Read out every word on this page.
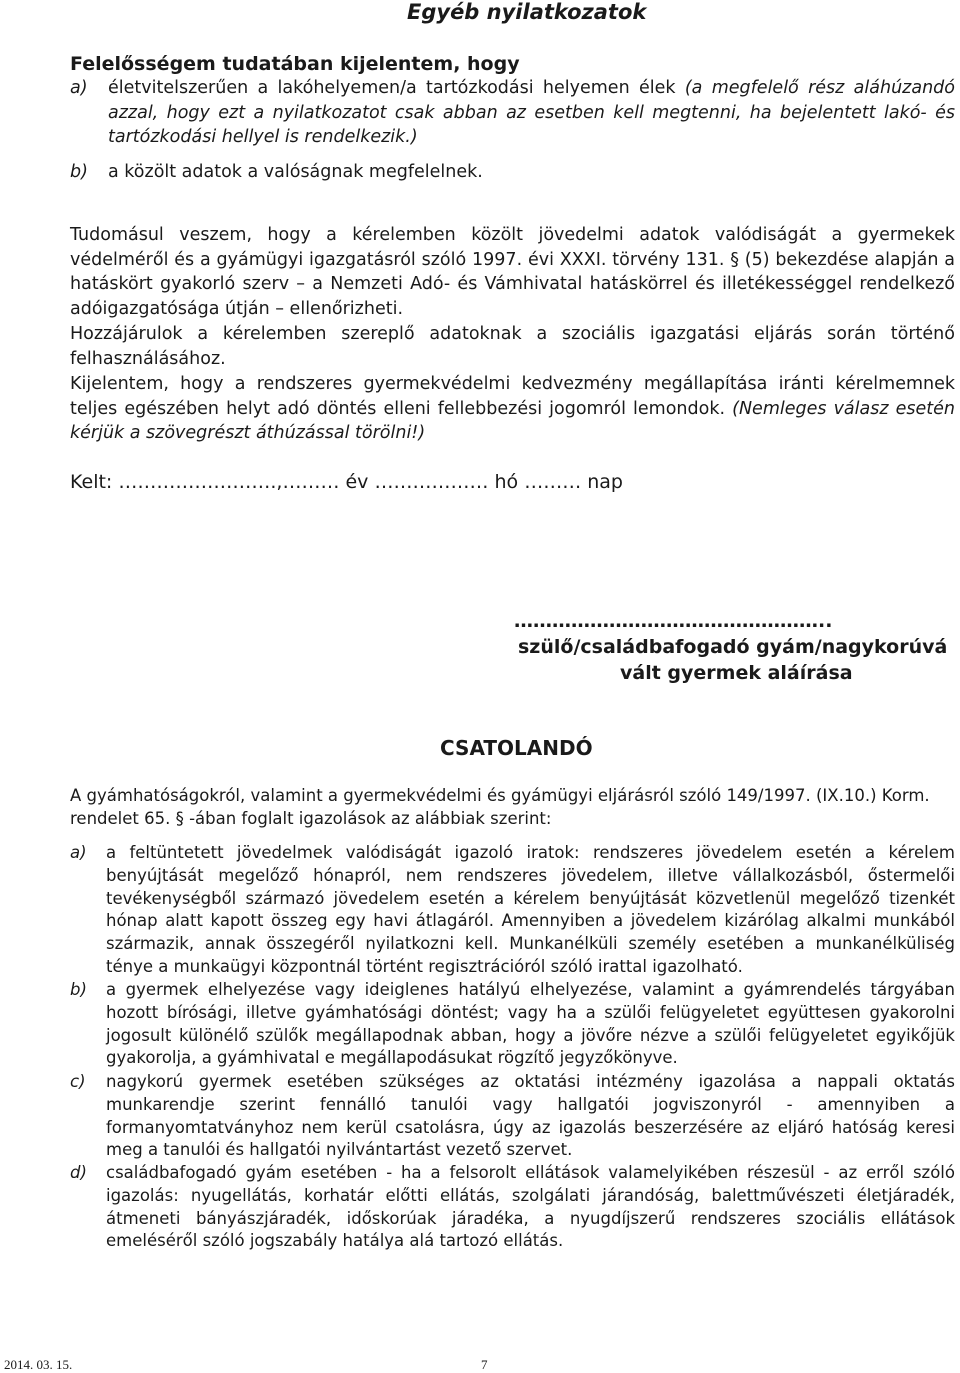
Egyéb nyilatkozatok
Felelősségem tudatában kijelentem, hogy
a) életvitelszerűen a lakóhelyemen/a tartózkodási helyemen élek (a megfelelő rész aláhúzandó azzal, hogy ezt a nyilatkozatot csak abban az esetben kell megtenni, ha bejelentett lakó- és tartózkodási hellyel is rendelkezik.)
b) a közölt adatok a valóságnak megfelelnek.
Tudomásul veszem, hogy a kérelemben közölt jövedelmi adatok valódiságát a gyermekek védelméről és a gyámügyi igazgatásról szóló 1997. évi XXXI. törvény 131. § (5) bekezdése alapján a hatáskört gyakorló szerv – a Nemzeti Adó- és Vámhivatal hatáskörrel és illetékességgel rendelkező adóigazgatósága útján – ellenőrizheti.
Hozzájárulok a kérelemben szereplő adatoknak a szociális igazgatási eljárás során történő felhasználásához.
Kijelentem, hogy a rendszeres gyermekvédelmi kedvezmény megállapítása iránti kérelmemnek teljes egészében helyt adó döntés elleni fellebbezési jogomról lemondok. (Nemleges válasz esetén kérjük a szövegrészt áthúzással törölni!)
Kelt: …………………….,……… év ……………… hó ……… nap
…………………………………………..
szülő/családbafogadó gyám/nagykorúvá
vált gyermek aláírása
CSATOLANDÓ
A gyámhatóságokról, valamint a gyermekvédelmi és gyámügyi eljárásról szóló 149/1997. (IX.10.) Korm. rendelet 65. § -ában foglalt igazolások az alábbiak szerint:
a) a feltüntetett jövedelmek valódiságát igazoló iratok: rendszeres jövedelem esetén a kérelem benyújtását megelőző hónapról, nem rendszeres jövedelem, illetve vállalkozásból, őstermelői tevékenységből származó jövedelem esetén a kérelem benyújtását közvetlenül megelőző tizenkét hónap alatt kapott összeg egy havi átlagáról. Amennyiben a jövedelem kizárólag alkalmi munkából származik, annak összegéről nyilatkozni kell. Munkanélküli személy esetében a munkanélküliség ténye a munkaügyi központnál történt regisztrációról szóló irattal igazolható.
b) a gyermek elhelyezése vagy ideiglenes hatályú elhelyezése, valamint a gyámrendelés tárgyában hozott bírósági, illetve gyámhatósági döntést; vagy ha a szülői felügyeletet együttesen gyakorolni jogosult különélő szülők megállapodnak abban, hogy a jövőre nézve a szülői felügyeletet egyikőjük gyakorolja, a gyámhivatal e megállapodásukat rögzítő jegyzőkönyve.
c) nagykorú gyermek esetében szükséges az oktatási intézmény igazolása a nappali oktatás munkarendje szerint fennálló tanulói vagy hallgatói jogviszonyról - amennyiben a formanyomtatványhoz nem kerül csatolásra, úgy az igazolás beszerzésére az eljáró hatóság keresi meg a tanulói és hallgatói nyilvántartást vezető szervet.
d) családbafogadó gyám esetében - ha a felsorolt ellátások valamelyikében részesül - az erről szóló igazolás: nyugellátás, korhatár előtti ellátás, szolgálati járandóság, balettművészeti életjáradék, átmeneti bányászjáradék, időskorúak járadéka, a nyugdíjszerű rendszeres szociális ellátások emeléséről szóló jogszabály hatálya alá tartozó ellátás.
2014. 03. 15.	7
